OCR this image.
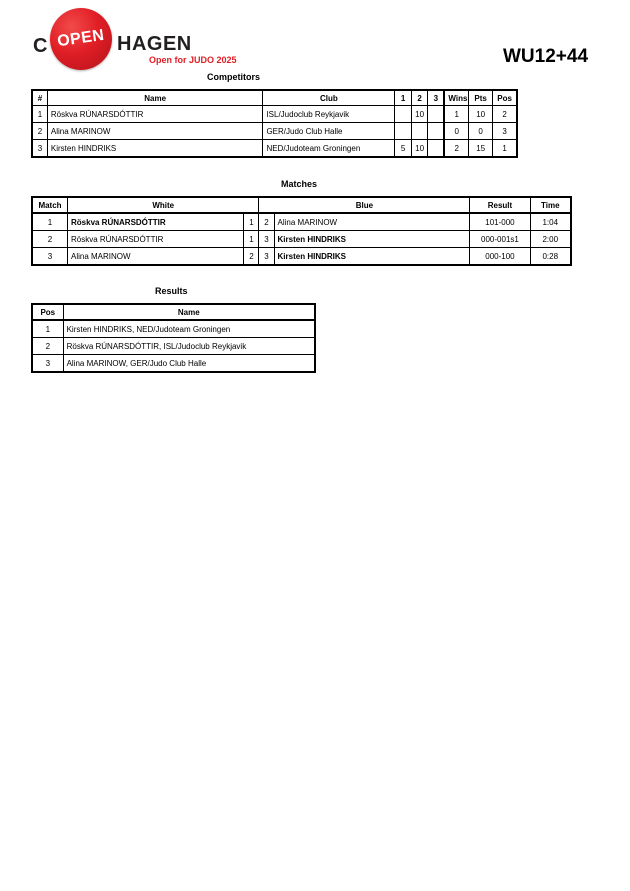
C OPEN HAGEN
Open for JUDO 2025	WU12+44
Competitors
#	Name	Club	1	2	3	Wins	Pts	Pos
1	Röskva RÚNARSDÓTTIR	ISL/Judoclub Reykjavik		10		1	10	2
2	Alina MARINOW	GER/Judo Club Halle				0	0	3
3	Kirsten HINDRIKS	NED/Judoteam Groningen	5	10		2	15	1
Matches
Match	White		Blue		Result	Time
1	Röskva RÚNARSDÓTTIR	1	2	Alina MARINOW	101-000	1:04
2	Röskva RÚNARSDÓTTIR	1	3	Kirsten HINDRIKS	000-001s1	2:00
3	Alina MARINOW	2	3	Kirsten HINDRIKS	000-100	0:28
Results
Pos	Name
1	Kirsten HINDRIKS, NED/Judoteam Groningen
2	Röskva RÚNARSDÓTTIR, ISL/Judoclub Reykjavik
3	Alina MARINOW, GER/Judo Club Halle
